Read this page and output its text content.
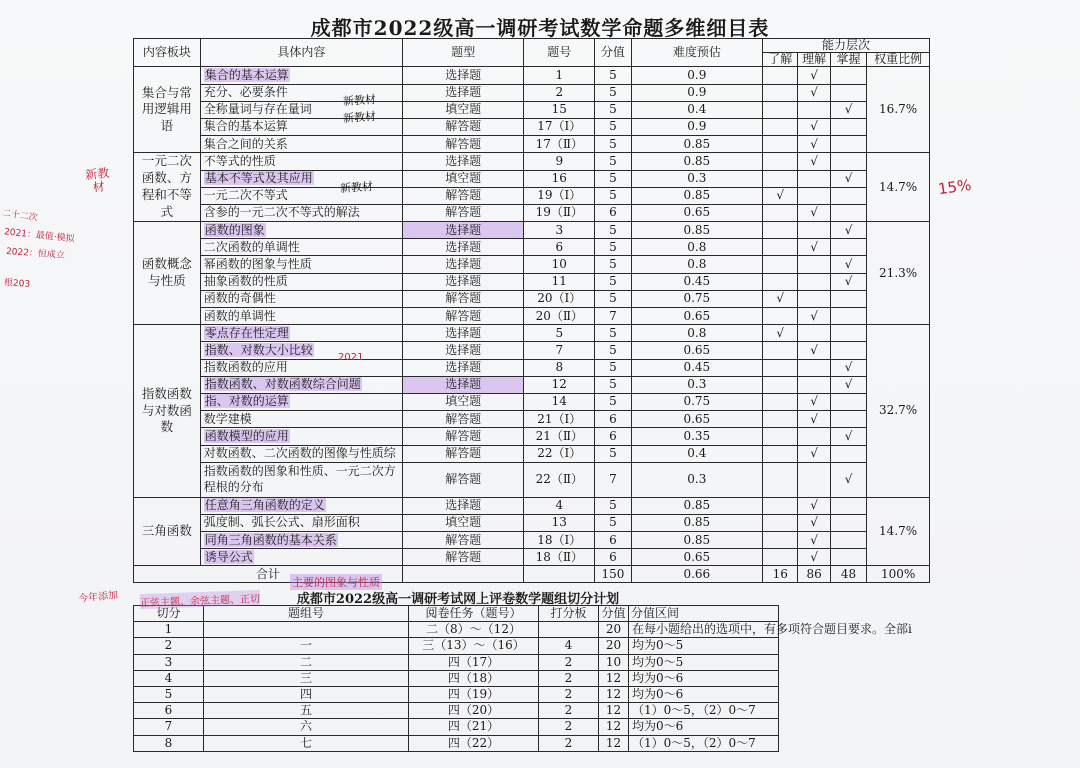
成都市2022级高一调研考试数学命题多维细目表
内容板块	具体内容	题型	题号	分值	难度预估	能力层次			
						了解	理解	掌握	权重比例
集合与常用逻辑用语	集合的基本运算	选择题	1	5	0.9		√		16.7%
	充分、必要条件	选择题	2	5	0.9		√		
	全称量词与存在量词	填空题	15	5	0.4			√	
	集合的基本运算	解答题	17（Ⅰ）	5	0.9		√		
	集合之间的关系	解答题	17（Ⅱ）	5	0.85		√		
一元二次函数、方程和不等式	不等式的性质	选择题	9	5	0.85		√		14.7%
	基本不等式及其应用	填空题	16	5	0.3			√	
	一元二次不等式	解答题	19（Ⅰ）	5	0.85	√			
	含参的一元二次不等式的解法	解答题	19（Ⅱ）	6	0.65		√		
函数概念与性质	函数的图象	选择题	3	5	0.85			√	21.3%
	二次函数的单调性	选择题	6	5	0.8		√		
	幂函数的图象与性质	选择题	10	5	0.8			√	
	抽象函数的性质	选择题	11	5	0.45			√	
	函数的奇偶性	解答题	20（Ⅰ）	5	0.75	√			
	函数的单调性	解答题	20（Ⅱ）	7	0.65		√		
指数函数与对数函数	零点存在性定理	选择题	5	5	0.8	√			32.7%
	指数、对数大小比较	选择题	7	5	0.65		√		
	指数函数的应用	选择题	8	5	0.45			√	
	指数函数、对数函数综合问题	选择题	12	5	0.3			√	
	指、对数的运算	填空题	14	5	0.75		√		
	数学建模	解答题	21（Ⅰ）	6	0.65		√		
	函数模型的应用	解答题	21（Ⅱ）	6	0.35			√	
	对数函数、二次函数的图像与性质综	解答题	22（Ⅰ）	5	0.4		√		
	指数函数的图象和性质、一元二次方程根的分布	解答题	22（Ⅱ）	7	0.3			√	
三角函数	任意角三角函数的定义	选择题	4	5	0.85		√		14.7%
	弧度制、弧长公式、扇形面积	填空题	13	5	0.85		√		
	同角三角函数的基本关系	解答题	18（Ⅰ）	6	0.85		√		
	诱导公式	解答题	18（Ⅱ）	6	0.65		√		
合计				150	0.66	16	86	48	100%
成都市2022级高一调研考试网上评卷数学题组切分计划
切分	题组号	阅卷任务（题号）	打分板	分值	分值区间
1		二（8）～（12）		20	在每小题给出的选项中，有多项符合题目要求。全部i
2	一	三（13）～（16）	4	20	均为0～5
3	二	四（17）	2	10	均为0～5
4	三	四（18）	2	12	均为0～6
5	四	四（19）	2	12	均为0～6
6	五	四（20）	2	12	（1）0～5，（2）0～7
7	六	四（21）	2	12	均为0～6
8	七	四（22）	2	12	（1）0～5，（2）0～7
新教材
新教材
新教材
新教材
2021
15%
主要的图象与性质
二十二次
2021：最值·模拟
2022：恒成立
根203
今年添加 正弦主题、余弦主题、正切
